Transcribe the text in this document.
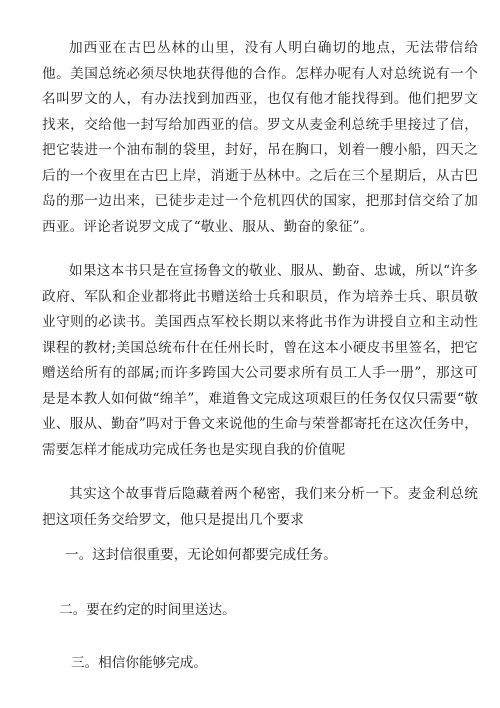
加西亚在古巴丛林的山里，没有人明白确切的地点，无法带信给他。美国总统必须尽快地获得他的合作。怎样办呢有人对总统说有一个名叫罗文的人，有办法找到加西亚，也仅有他才能找得到。他们把罗文找来，交给他一封写给加西亚的信。罗文从麦金利总统手里接过了信，把它装进一个油布制的袋里，封好，吊在胸口，划着一艘小船，四天之后的一个夜里在古巴上岸，消逝于丛林中。之后在三个星期后，从古巴岛的那一边出来，已徒步走过一个危机四伏的国家，把那封信交给了加西亚。评论者说罗文成了“敬业、服从、勤奋的象征”。

如果这本书只是在宣扬鲁文的敬业、服从、勤奋、忠诚，所以“许多政府、军队和企业都将此书赠送给士兵和职员，作为培养士兵、职员敬业守则的必读书。美国西点军校长期以来将此书作为讲授自立和主动性课程的教材;美国总统布什在任州长时，曾在这本小硬皮书里签名，把它赠送给所有的部属;而许多跨国大公司要求所有员工人手一册”，那这可是是本教人如何做“绵羊”，难道鲁文完成这项艰巨的任务仅仅只需要“敬业、服从、勤奋”吗对于鲁文来说他的生命与荣誉都寄托在这次任务中，需要怎样才能成功完成任务也是实现自我的价值呢

其实这个故事背后隐藏着两个秘密，我们来分析一下。麦金利总统把这项任务交给罗文，他只是提出几个要求

一。这封信很重要，无论如何都要完成任务。

二。要在约定的时间里送达。

三。相信你能够完成。
